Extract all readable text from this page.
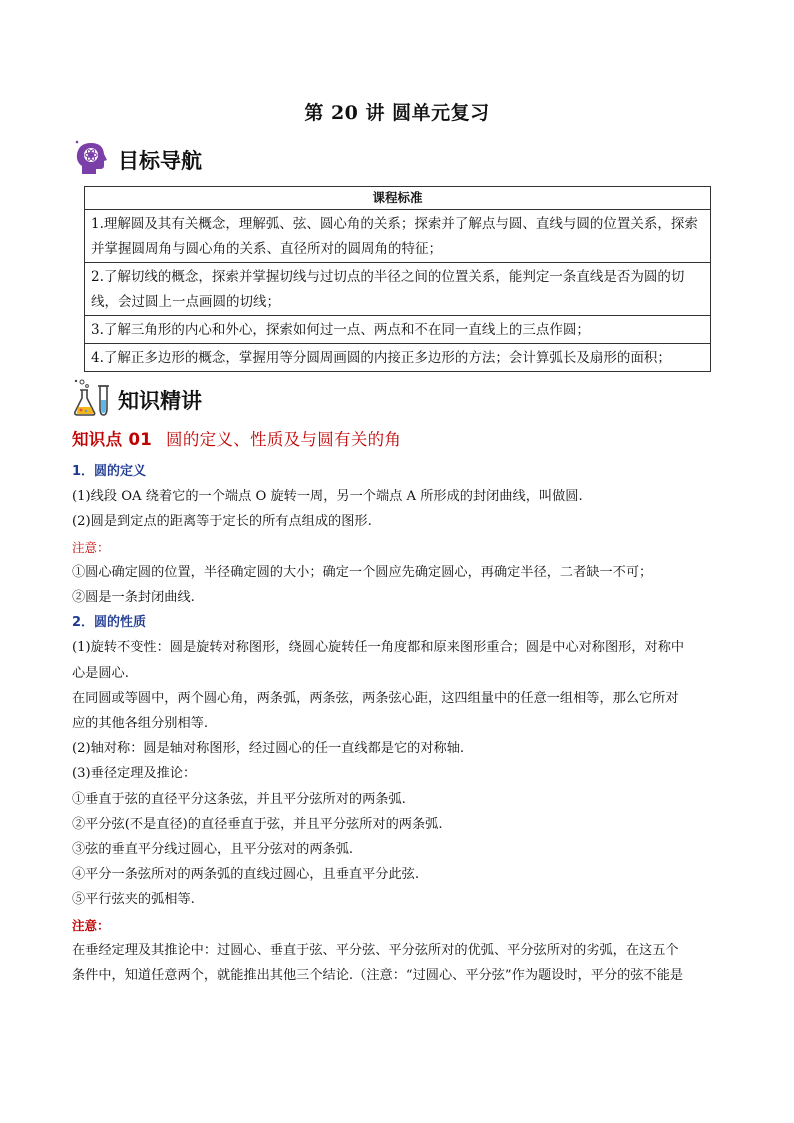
第 20 讲 圆单元复习
目标导航
课程标准
1.理解圆及其有关概念，理解弧、弦、圆心角的关系；探索并了解点与圆、直线与圆的位置关系，探索并掌握圆周角与圆心角的关系、直径所对的圆周角的特征；
2.了解切线的概念，探索并掌握切线与过切点的半径之间的位置关系，能判定一条直线是否为圆的切线，会过圆上一点画圆的切线；
3.了解三角形的内心和外心，探索如何过一点、两点和不在同一直线上的三点作圆；
4.了解正多边形的概念，掌握用等分圆周画圆的内接正多边形的方法；会计算弧长及扇形的面积；
知识精讲
知识点 01 圆的定义、性质及与圆有关的角

1．圆的定义

(1)线段 OA 绕着它的一个端点 O 旋转一周，另一个端点 A 所形成的封闭曲线，叫做圆.

(2)圆是到定点的距离等于定长的所有点组成的图形.

注意：

①圆心确定圆的位置，半径确定圆的大小；确定一个圆应先确定圆心，再确定半径，二者缺一不可；

②圆是一条封闭曲线.

2．圆的性质

(1)旋转不变性：圆是旋转对称图形，绕圆心旋转任一角度都和原来图形重合；圆是中心对称图形，对称中

心是圆心.

在同圆或等圆中，两个圆心角，两条弧，两条弦，两条弦心距，这四组量中的任意一组相等，那么它所对

应的其他各组分别相等.

(2)轴对称：圆是轴对称图形，经过圆心的任一直线都是它的对称轴.

(3)垂径定理及推论：

①垂直于弦的直径平分这条弦，并且平分弦所对的两条弧.

②平分弦(不是直径)的直径垂直于弦，并且平分弦所对的两条弧.

③弦的垂直平分线过圆心，且平分弦对的两条弧.

④平分一条弦所对的两条弧的直线过圆心，且垂直平分此弦.

⑤平行弦夹的弧相等.

注意：

在垂经定理及其推论中：过圆心、垂直于弦、平分弦、平分弦所对的优弧、平分弦所对的劣弧，在这五个

条件中，知道任意两个，就能推出其他三个结论.（注意：“过圆心、平分弦”作为题设时，平分的弦不能是
